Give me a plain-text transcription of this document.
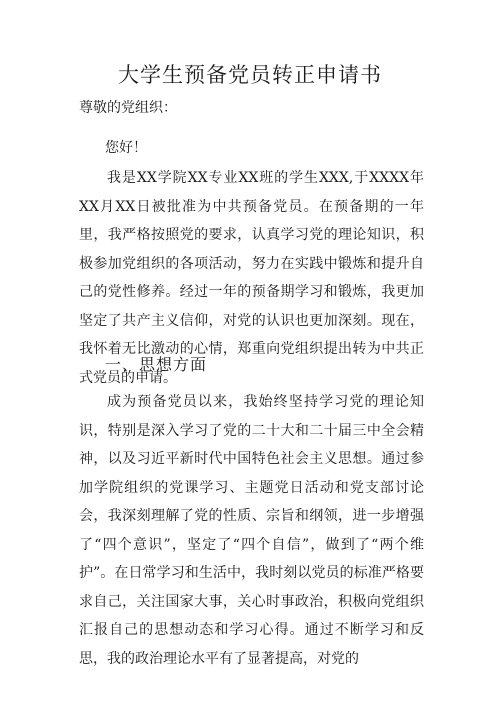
大学生预备党员转正申请书
尊敬的党组织：
您好！
我是XX学院XX专业XX班的学生XXX,于XXXX年XX月XX日被批准为中共预备党员。在预备期的一年里，我严格按照党的要求，认真学习党的理论知识，积极参加党组织的各项活动，努力在实践中锻炼和提升自己的党性修养。经过一年的预备期学习和锻炼，我更加坚定了共产主义信仰，对党的认识也更加深刻。现在，我怀着无比激动的心情，郑重向党组织提出转为中共正式党员的申请。
一、思想方面
成为预备党员以来，我始终坚持学习党的理论知识，特别是深入学习了党的二十大和二十届三中全会精神，以及习近平新时代中国特色社会主义思想。通过参加学院组织的党课学习、主题党日活动和党支部讨论会，我深刻理解了党的性质、宗旨和纲领，进一步增强了“四个意识”，坚定了“四个自信”，做到了“两个维护”。在日常学习和生活中，我时刻以党员的标准严格要求自己，关注国家大事，关心时事政治，积极向党组织汇报自己的思想动态和学习心得。通过不断学习和反思，我的政治理论水平有了显著提高，对党的
